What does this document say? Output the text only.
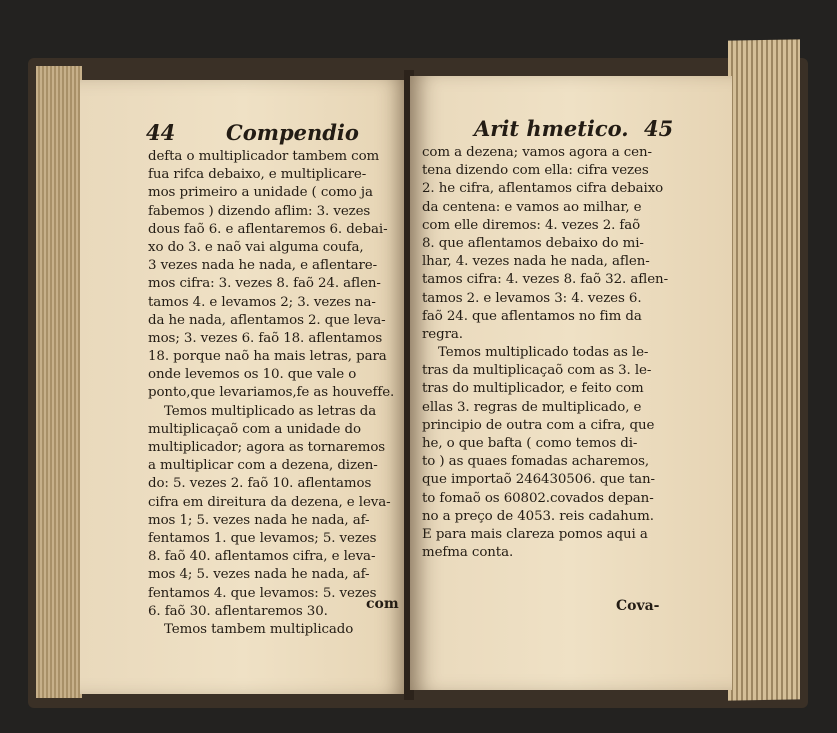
44 Compendio
defta o multiplicador tambem com
fua rifca debaixo, e multiplicare-
mos primeiro a unidade ( como ja
fabemos ) dizendo aflim: 3. vezes
dous faõ 6. e aflentaremos 6. debai-
xo do 3. e naõ vai alguma coufa,
3 vezes nada he nada, e aflentare-
mos cifra: 3. vezes 8. faõ 24. aflen-
tamos 4. e levamos 2; 3. vezes na-
da he nada, aflentamos 2. que leva-
mos; 3. vezes 6. faõ 18. aflentamos
18. porque naõ ha mais letras, para
onde levemos os 10. que vale o
ponto,que levariamos,fe as houveffe.
Temos multiplicado as letras da
multiplicaçaõ com a unidade do
multiplicador; agora as tornaremos
a multiplicar com a dezena, dizen-
do: 5. vezes 2. faõ 10. aflentamos
cifra em direitura da dezena, e leva-
mos 1; 5. vezes nada he nada, af-
fentamos 1. que levamos; 5. vezes
8. faõ 40. aflentamos cifra, e leva-
mos 4; 5. vezes nada he nada, af-
fentamos 4. que levamos: 5. vezes
6. faõ 30. aflentaremos 30.
Temos tambem multiplicado
com
Arit hmetico. 45
com a dezena; vamos agora a cen-
tena dizendo com ella: cifra vezes
2. he cifra, aflentamos cifra debaixo
da centena: e vamos ao milhar, e
com elle diremos: 4. vezes 2. faõ
8. que aflentamos debaixo do mi-
lhar, 4. vezes nada he nada, aflen-
tamos cifra: 4. vezes 8. faõ 32. aflen-
tamos 2. e levamos 3: 4. vezes 6.
faõ 24. que aflentamos no fim da
regra.
Temos multiplicado todas as le-
tras da multiplicaçaõ com as 3. le-
tras do multiplicador, e feito com
ellas 3. regras de multiplicado, e
principio de outra com a cifra, que
he, o que bafta ( como temos di-
to ) as quaes fomadas acharemos,
que importaõ 246430506. que tan-
to fomaõ os 60802.covados depan-
no a preço de 4053. reis cadahum.
E para mais clareza pomos aqui a
mefma conta.
Cova-
